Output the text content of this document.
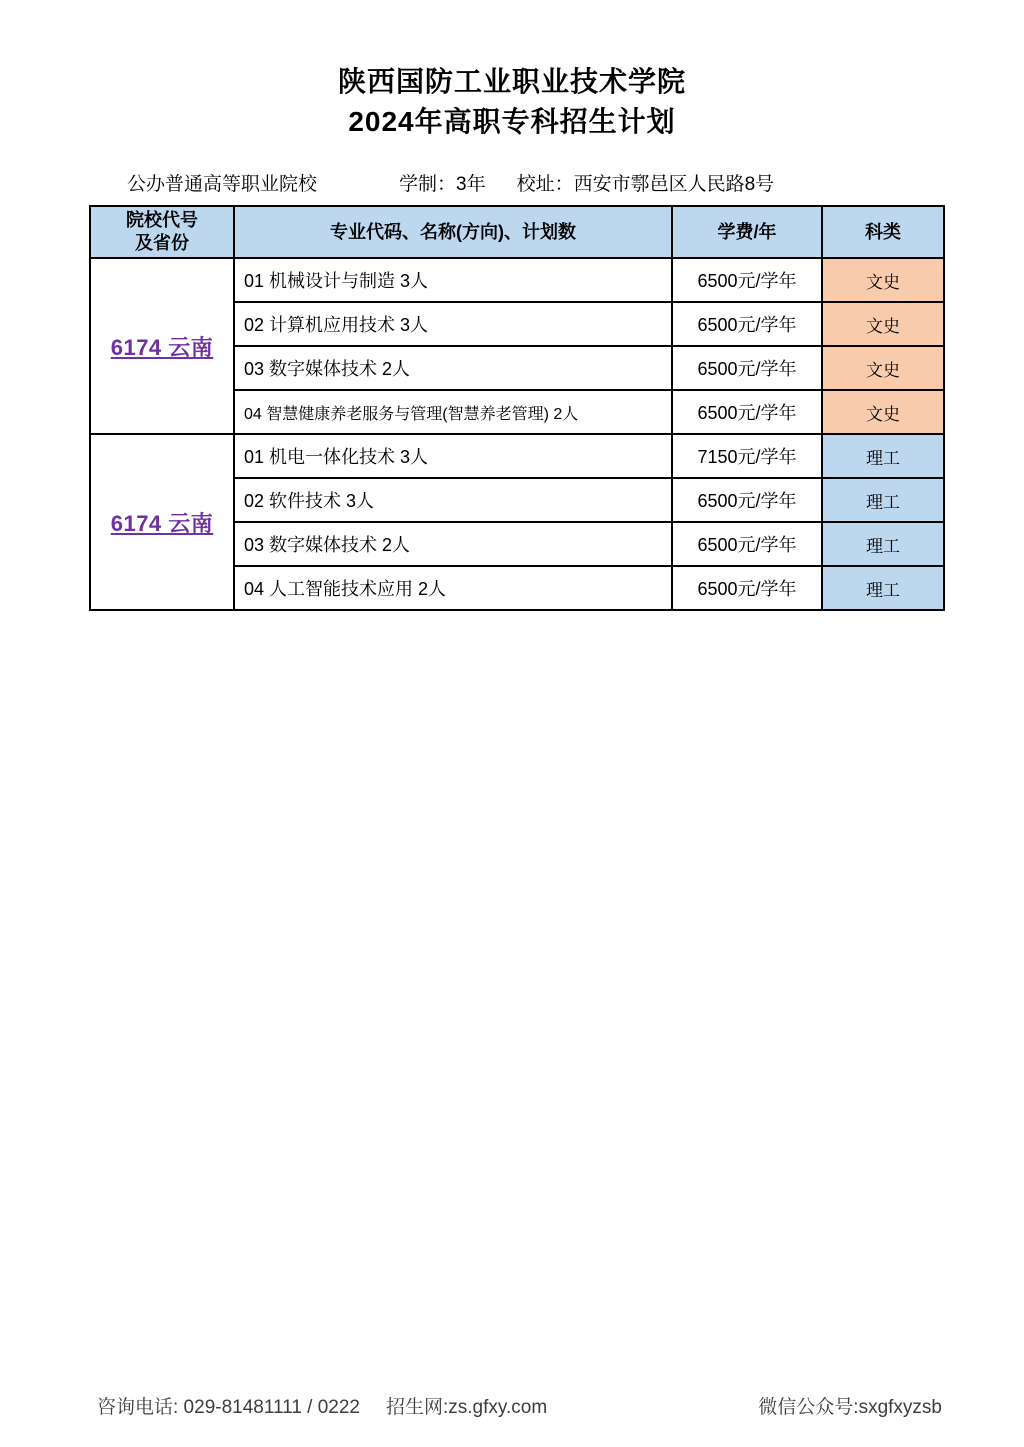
陕西国防工业职业技术学院
2024年高职专科招生计划
公办普通高等职业院校	学制：3年 校址：西安市鄠邑区人民路8号
院校代号
及省份	专业代码、名称(方向)、计划数	学费/年	科类
6174 云南	01 机械设计与制造 3人	6500元/学年	文史
	02 计算机应用技术 3人	6500元/学年	文史
	03 数字媒体技术 2人	6500元/学年	文史
	04 智慧健康养老服务与管理(智慧养老管理) 2人	6500元/学年	文史
6174 云南	01 机电一体化技术 3人	7150元/学年	理工
	02 软件技术 3人	6500元/学年	理工
	03 数字媒体技术 2人	6500元/学年	理工
	04 人工智能技术应用 2人	6500元/学年	理工
咨询电话: 029-81481111 / 0222 招生网:zs.gfxy.com	微信公众号:sxgfxyzsb
